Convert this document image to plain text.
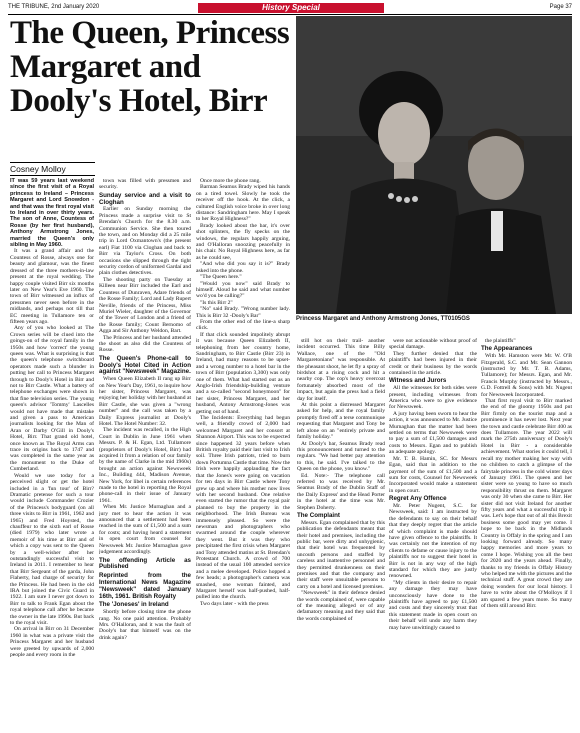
THE TRIBUNE, 2nd January 2020	History Special	Page 37
The Queen, Princess Margaret and Dooly's Hotel, Birr
Cosney Molloy
Princess Margaret and Anthony Armstrong Jones, TT0105GS

IT was 59 years last weekend since the first visit of a Royal princess to Ireland – Princess Margaret and Lord Snowdon - and that was the first royal visit to Ireland in over thirty years. The son of Anne, Countess of Rosse (by her first husband), Anthony Armstrong Jones, married the Queen's only sibling in May 1960.

It was a grand affair and the Countess of Rosse, always one for beauty and glamour, was the finest dressed of the three mothers-in-law present at the royal wedding. The happy couple visited Birr six months later on New Year's Eve 1960. The town of Birr witnessed an influx of pressmen never seen before in the midlands, and perhaps not till that EC meeting in Tullamore ten or fifteen years ago.

Any of you who looked at The Crown series will be clued into the goings-on of the royal family in the 1950s and how 'correct' the young queen was. What is surprising is that the queen's telephone switchboard operators made such a blunder in putting her call to Princess Margaret through to Dooly's Hotel in Birr and not to Birr Castle. What a battery of telephone exchanges were shown in that fine television series. The young queen's advisor 'Tommy' Lascelles would not have made that mistake and given a pass to American journalists looking for the Man of Aran or Darby O'Gill in Dooly's Hotel, Birr. That grand old hotel, once known as The Royal Arms can trace its origins back to 1747 and was completed in the same year as the monument to the Duke of Cumberland.

Would we use today for a perceived slight or get the hotel included in a 'fun tour' of Birr? Dramatic pretense for such a tour would include Commander Crozier of the Princess's bodyguard (on all three visits to Birr in 1961, 1962 and 1965) and Fred Hoysted, the chauffeur to the sixth earl of Rosse (died 1979) who later wrote a memoir of his time at Birr and of which a copy was sent to the Queen by a well-wisher after her outstandingly successful visit to Ireland in 2011. I remember to hear that Birr Sergeant of the garda, John Flaherty, had charge of security for the Princess. He had been in the old IRA but joined the Civic Guard in 1922. I am sure I never got down to Birr to talk to Frank Egan about the royal telephone call after he became the owner in the late 1990s. But back to the royal visit.

On arrival in Birr on 31 December 1960 in what was a private visit the Princess Margaret and her husband were greeted by upwards of 2,000 people and every room in the

town was filled with pressmen and security.

Sunday service and a visit to Cloghan

Earlier on Sunday morning the Princess made a surprise visit to St Brendan's Church for the 8.30 a.m. Communion Service. She then toured the town, and on Monday did a 25 mile trip in Lord Oxmantown's (the present earl) Fiat 1100 via Cloghan and back to Birr via Taylor's Cross. On both occasions she slipped through the tight security cordon of uniformed Gardaí and plain clothes detectives.

The shooting party on Tuesday at Killeen near Birr included the Earl and Countess of Dunraven, Adare friends of the Rosse Family; Lord and Lady Rupert Neville, friends of the Princess, Miss Muriel Wieler, daughter of the Governor of the Tower of London and a friend of the Rosse family; Count Bernomo of Agga and Sir Anthony Weldon, Bart.

The Princess and her husband attended the shoot as also did the Countess of Rosse.

The Queen's Phone-call to Dooly's Hotel Cited in Action against "Newsweek" Magazine.

When Queen Elizabeth II rang up Birr on New Year's Day, 1961, to inquire how her sister, Princess Margaret, was enjoying her holiday with her husband at Birr Castle, she was given a "wrong number" and the call was taken by a Daily Express journalist at Dooly's Hotel. The Hotel Number: 32.

The incident was recalled, in the High Court in Dublin in June 1961 when Messrs. P. & H. Egan, Ltd. Tullamore (proprietors of Dooly's Hotel, Birr) had acquired it from a relation of our family by the name of Clarke in the mid 1960s) brought an action against Newsweek Inc., Building 444, Madison Avenue, New York, for libel in certain references made to the hotel in reporting the Royal phone-call in their issue of January 1961.

When Mr. Justice Murnaghan and a jury met to hear the action it was announced that a settlement had been reached in the sum of £1,500 and a sum for costs; and having heard a statement in open court from counsel for Newsweek Mr. Justice Murnaghan gave judgement accordingly.

The offending Article as Published
Reprinted from the International News Magazine "Newsweek" dated January 16th, 1961. British Royalty
The 'Joneses' in Ireland

Shortly before closing time the phone rang. No one paid attention. Probably Mrs. O'Halloran, and it was the fault of Dooly's bar that himself was on the drink again?

Once more the phone rang.

Barman Seamus Brady wiped his hands on a tired towel. Slowly he took the receiver off the hook. At the click, a cultured English voice broke in over long distance: Sandringham here. May I speak to her Royal Highness?"

Brady looked about the bar, it's over shot splinters, the fly specks on the windows, the regulars happily arguing, and O'Halloran snoozing peacefully in his chair. No Royal Highness here, as far as he could see,

"And who did you say it is?" Brady asked into the phone.

"The Queen here."

"Would you now" said Brady to himself. Aloud he said and what number wo'd you be calling?"

"Is this Birr 2"

"No" said Brady. "Wrong number lady. This is Birr 32 -Dooly's Bar"

From the other end of the line-a sharp click.

If that click sounded impolitely abrupt it was because Queen Elizabeth II, telephoning from her country home, Sandringham, to Birr Castle (Birr 23) in Ireland, had many reasons to be upset-and a wrong number to a hotel bar in the town of Birr (population 3,300) was only one of them. What had started out as an Anglo-Irish friendship-building venture and a so-called "second honeymoon" for her sister, Princess Margaret, and her husband, Antony Armstrong-Jones was getting out of hand.

The Incidents: Everything had begun well, a friendly crowd of 2,000 had welcomed Margaret and her consort at Shannon Airport. This was to be expected since happened 32 years before when British royalty paid their last visit to Irish soil. Three Irish patriots, tried to burn down Portumna Castle that time. Now the Irish were happily applauding the fact that the Jones's were going on vacation for ten days in Birr Castle where Tony grew up and where his mother now lives with her second husband. One relative even started the rumor that the royal pair planned to buy the property in the neighborhood. The Irish Bureau was immensely pleased. So were the newsman and photographers who swarmed around the couple wherever they went. But it was they who precipitated the first crisis when Margaret and Tony attended matins at St. Brendan's Protestant Church. A crowd of 700 instead of the usual 100 attended service and a melee developed. Police hopped a few heads; a photographer's camera was smashed, one woman fainted, and Margaret herself was half-pushed, half-pulled into the church.

Two days later - with the press

still hot on their trail- another incident occurred. This time Billy Wallace, one of the "Old Margaretonians" was responsible. At the pheasant shoot, he let fly a spray of birdshot at a rising cock and hit a nearby cop. The cop's heavy overcoat fortunately absorbed most of the impact, but again the press had a field day for itself.

At this point a distressed Margaret asked for help, and the royal family promptly fired off a terse communique requesting that Margaret and Tony be left alone on an "entirely private and family holiday."

At Dooly's bar, Seamus Brady read this pronouncement and turned to the regulars. "We had better pay attention to this, he said. I've talked to the Queen on the phone, you know."

Ed. Note:- The telephone call referred to was received by Mr. Seamus Brady of the Dublin Staff of the Daily Express' and the Head Porter in the hotel at the time was Mr. Stephen Doherty.

The Complaint

Messrs. Egan complained that by this publication the defendants meant that their hotel and premises, including the public bar, were dirty and unhygienic, that their hotel was frequented by uncouth persons and staffed by careless and inattentive personnel and they permitted drunkenness on their premises and that the company and their staff were unsuitable persons to carry on a hotel and licensed premises.

"Newsweek" in their defence denied the words complained of, were capable of the meaning alleged or of any defamatory meaning and they said that the words complained of

were not actionable without proof of special damage.

They further denied that the plaintiff's had been injured in their credit or their business by the words contained in the article.

Witness and Jurors

All the witnesses for both sides were present, including witnesses from America who were to give evidence for Newsweek.

A jury having been sworn to hear the action, it was announced to Mr. Justice Murnaghan that the matter had been settled on terms that Newsweek were to pay a sum of £1,500 damages and costs to Messrs. Egan and to publish an adequate apology.

Mr. T. B. Hamin, SC. for Messrs Egan, said that in addition to the payment of the sum of £1,500 and a sum for costs, Counsel for Newsweek Incorporated would make a statement in open court.

Regret Any Offence

Mr. Peter Nugent, S.C. for Newsweek, said: I am instructed by the defendants to say on their behalf that they deeply regret that the article of which complaint is made should have given offence to the plaintiffs. It was certainly not the intention of my clients to defame or cause injury to the plaintiffs nor to suggest their hotel in Birr is not in any way of the high standard for which they are justly renowned.

"My clients in their desire to repair any damage they may have unconsciously have done to the plaintiffs have agreed to pay £1,500 and costs and they sincerely trust that this statement made in open court on their behalf will undo any harm they may have unwittingly caused to

the plaintiffs"

The Appearances

With Mr. Hamston were Mr. W. O'B Fitzgerald, S.C. and Mr. Sean Gannon (instructed by Mr. T. B. Adams, Tullamore); for Messrs. Egan, and Mr. Francis Murphy (instructed by Messrs., G.D. Fottrell & Sons) with Mr. Nugent for Newsweek Incorporated.

That first royal visit to Birr marked the end of the gloomy 1950s and put Birr firmly on the tourist map and a prominence it has never lost. Next year the town and castle celebrate Birr 400 as does Tullamore. The year 2022 will mark the 275th anniversary of Dooly's Hotel in Birr - a considerable achievement. What stories it could tell, I recall my mother making her way with no children to catch a glimpse of the fairytale princess in the cold winter days of January 1961. The queen and her sister were so young to have so much responsibility thrust on them. Margaret was only 30 when she came to Birr. Her sister did not visit Ireland for another fifty years and what a successful trip it was. Let's hope that out of all this Brexit business some good may yet come. I hope to be back in the Midlands Country in Offaly in the spring and I am looking forward already. So many happy memories and more years to come I hope. Wishing you all the best for 2020 and the years ahead. Finally, thanks to my friends in Offaly History who helped me with the pictures and the technical stuff. A great crowd they are doing wonders for our local history. I have to write about the O'Molloys if I am spared a few years more. So many of them still around Birr.
